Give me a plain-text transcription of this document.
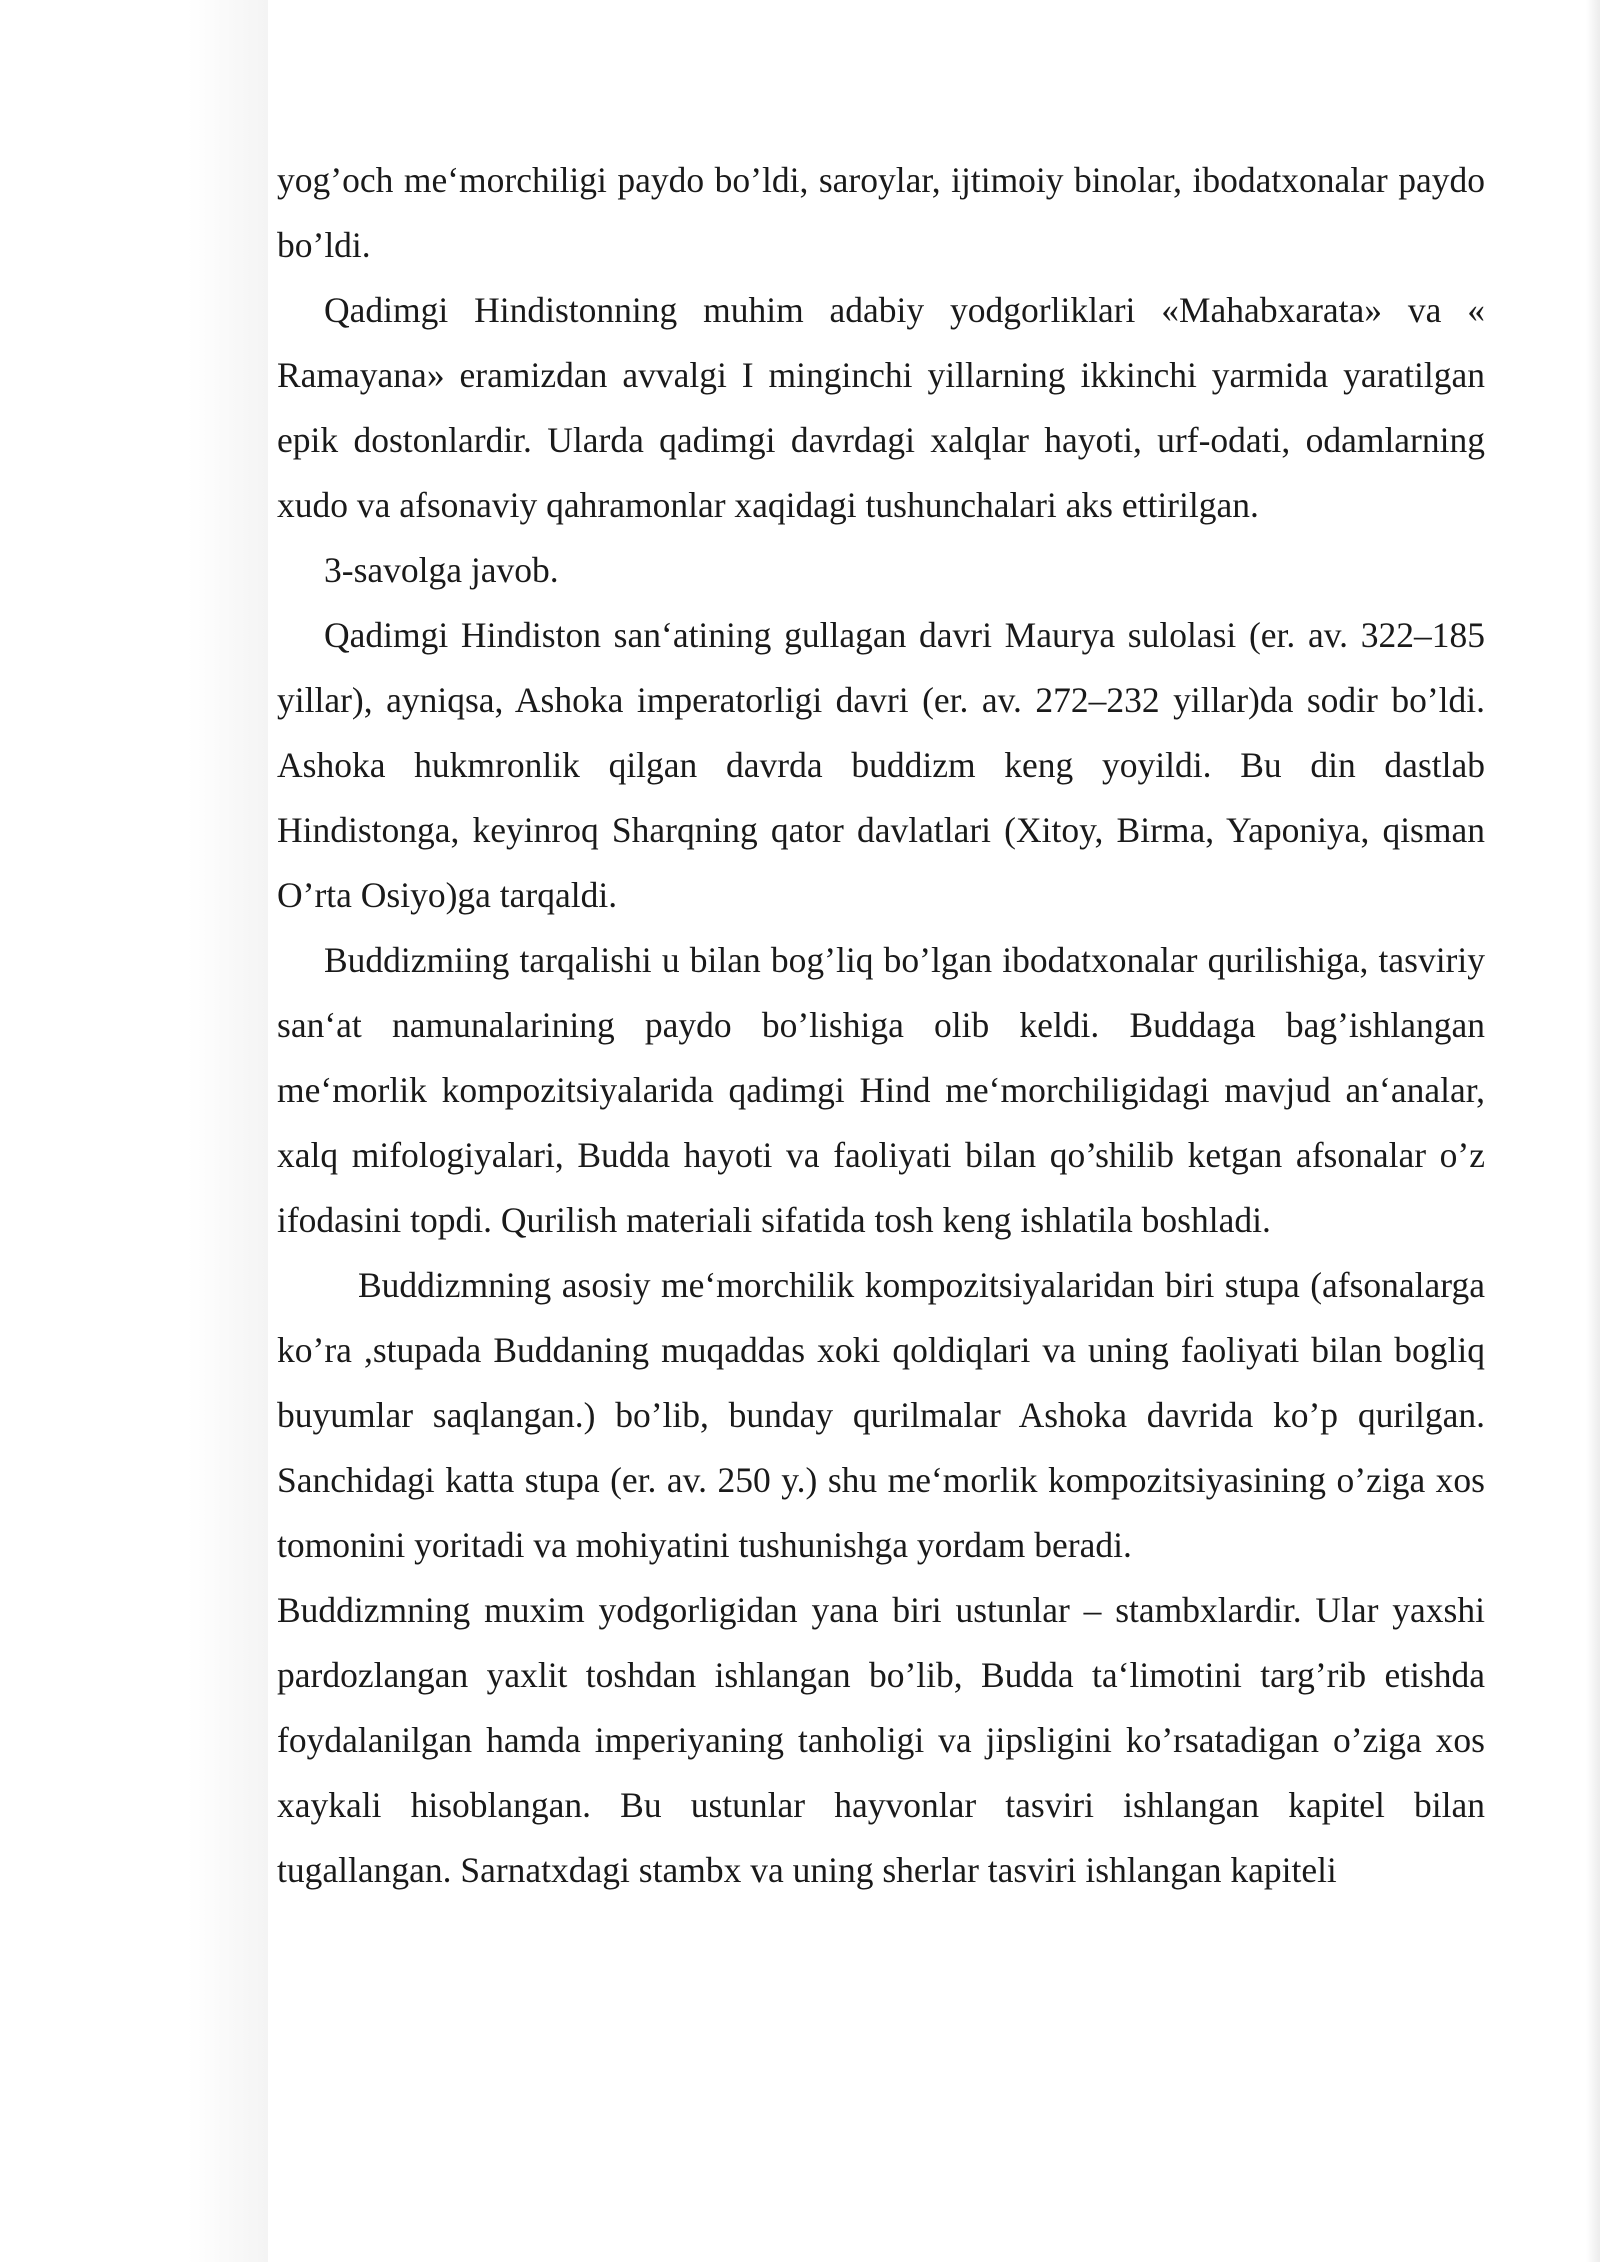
yog’och me‘morchiligi paydo bo’ldi, saroylar, ijtimoiy binolar, ibodatxonalar paydo bo’ldi.

Qadimgi Hindistonning muhim adabiy yodgorliklari «Mahabxarata» va « Ramayana» eramizdan avvalgi I minginchi yillarning ikkinchi yarmida yaratilgan epik dostonlardir. Ularda qadimgi davrdagi xalqlar hayoti, urf-odati, odamlarning xudo va afsonaviy qahramonlar xaqidagi tushunchalari aks ettirilgan.

3-savolga javob.

Qadimgi Hindiston san‘atining gullagan davri Maurya sulolasi (er. av. 322–185 yillar), ayniqsa, Ashoka imperatorligi davri (er. av. 272–232 yillar)da sodir bo’ldi. Ashoka hukmronlik qilgan davrda buddizm keng yoyildi. Bu din dastlab Hindistonga, keyinroq Sharqning qator davlatlari (Xitoy, Birma, Yaponiya, qisman O’rta Osiyo)ga tarqaldi.

Buddizmiing tarqalishi u bilan bog’liq bo’lgan ibodatxonalar qurilishiga, tasviriy san‘at namunalarining paydo bo’lishiga olib keldi. Buddaga bag’ishlangan me‘morlik kompozitsiyalarida qadimgi Hind me‘morchiligidagi mavjud an‘analar, xalq mifologiyalari, Budda hayoti va faoliyati bilan qo’shilib ketgan afsonalar o’z ifodasini topdi. Qurilish materiali sifatida tosh keng ishlatila boshladi.

Buddizmning asosiy me‘morchilik kompozitsiyalaridan biri stupa (afsonalarga ko’ra ,stupada Buddaning muqaddas xoki qoldiqlari va uning faoliyati bilan bogliq buyumlar saqlangan.) bo’lib, bunday qurilmalar Ashoka davrida ko’p qurilgan. Sanchidagi katta stupa (er. av. 250 y.) shu me‘morlik kompozitsiyasining o’ziga xos tomonini yoritadi va mohiyatini tushunishga yordam beradi.

Buddizmning muxim yodgorligidan yana biri ustunlar – stambxlardir. Ular yaxshi pardozlangan yaxlit toshdan ishlangan bo’lib, Budda ta‘limotini targ’rib etishda foydalanilgan hamda imperiyaning tanholigi va jipsligini ko’rsatadigan o’ziga xos xaykali hisoblangan. Bu ustunlar hayvonlar tasviri ishlangan kapitel bilan tugallangan. Sarnatxdagi stambx va uning sherlar tasviri ishlangan kapiteli
